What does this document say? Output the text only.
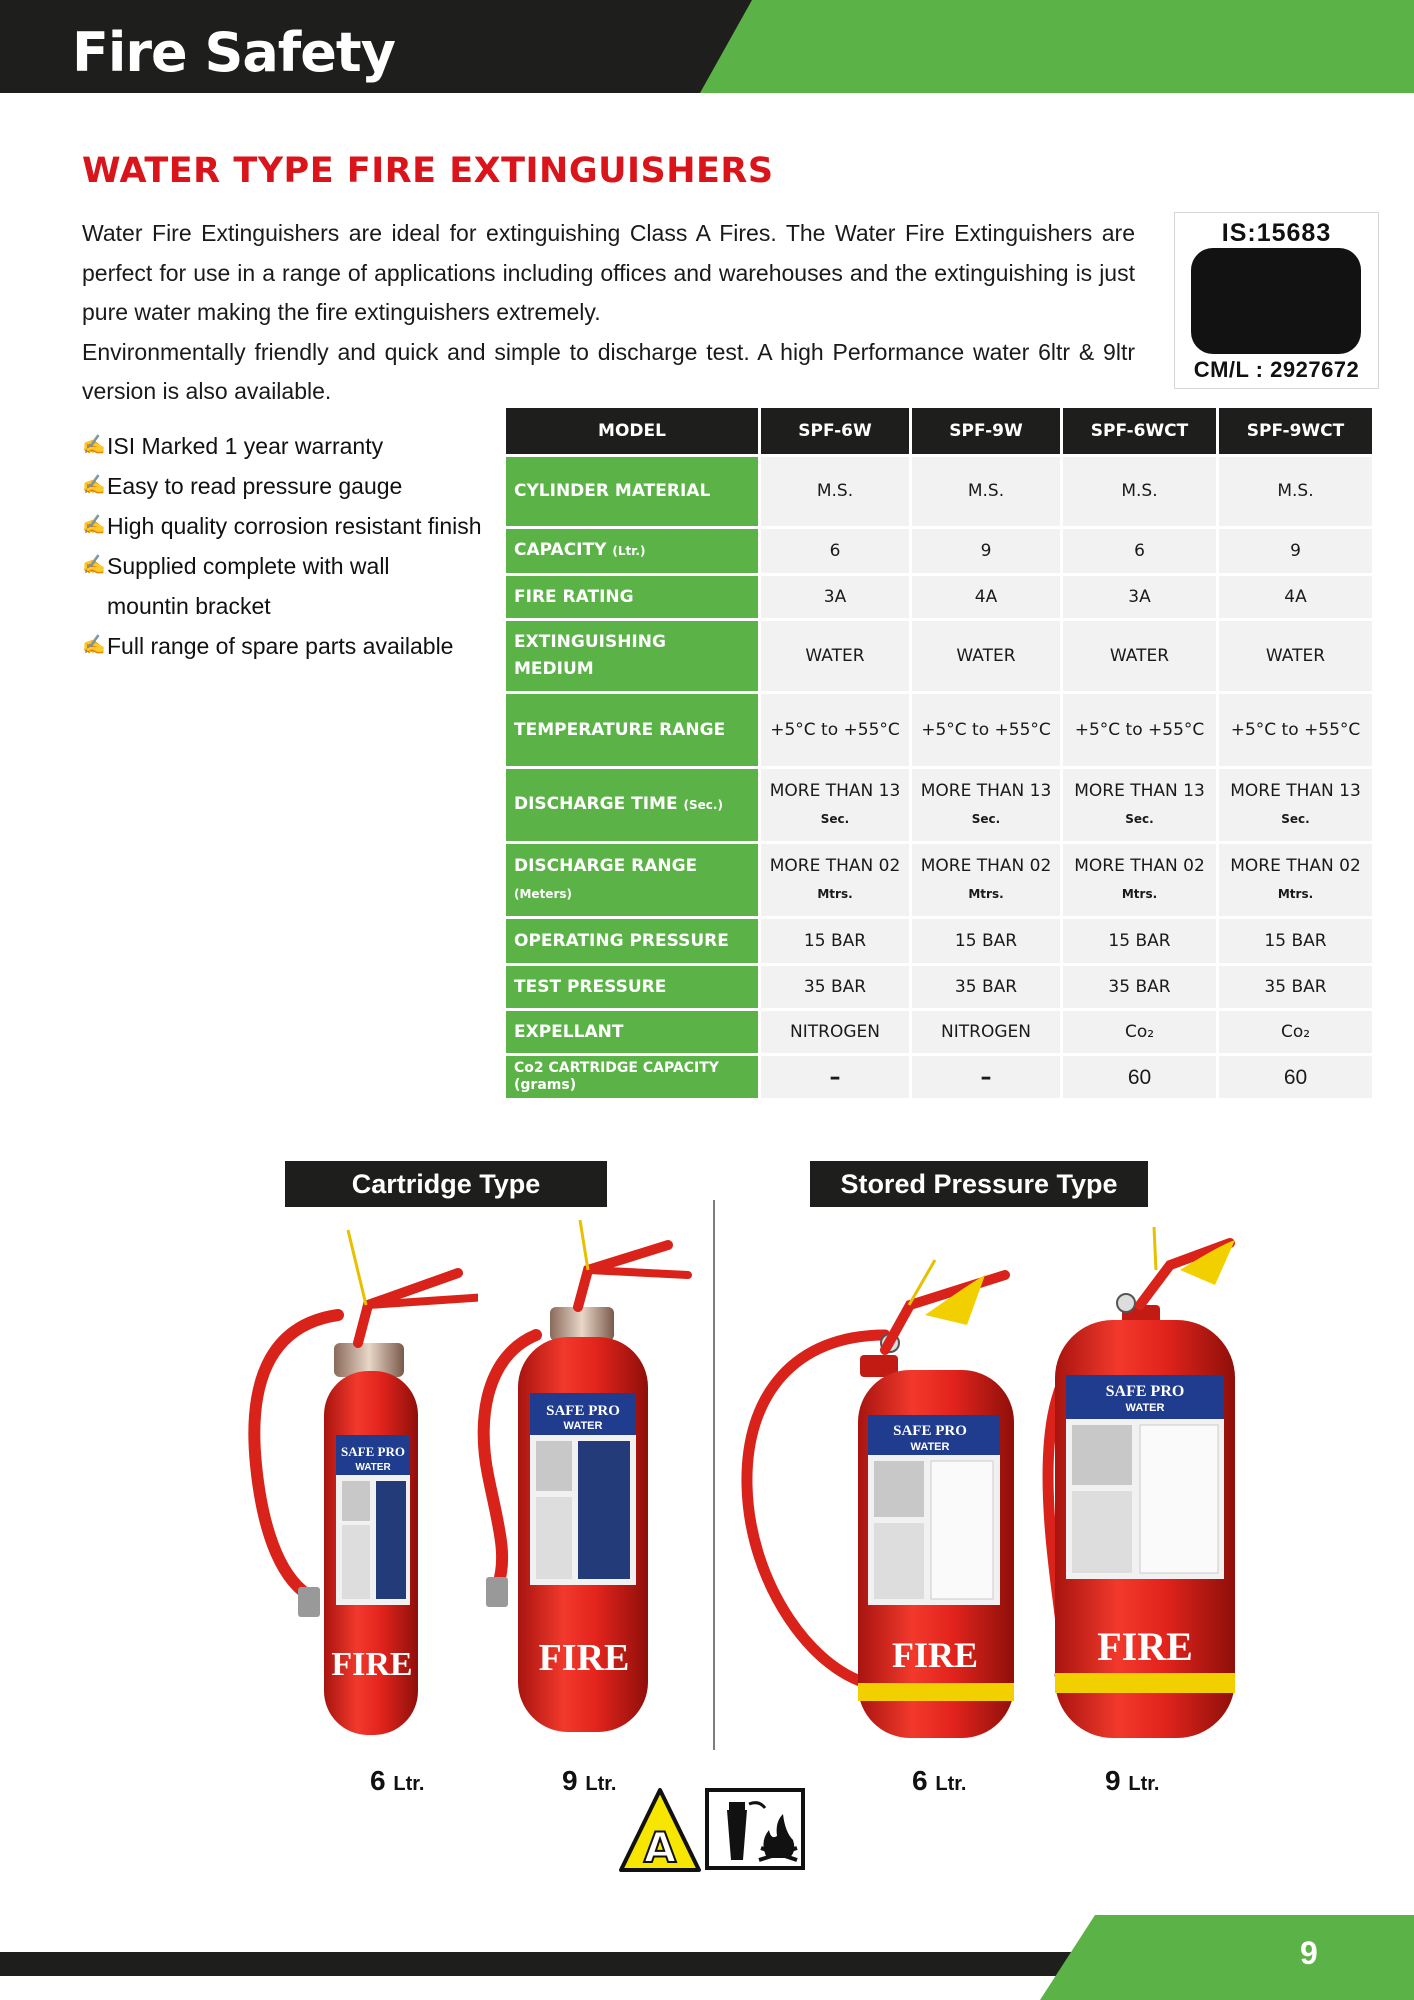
Fire Safety
WATER TYPE FIRE EXTINGUISHERS

Water Fire Extinguishers are ideal for extinguishing Class A Fires. The Water Fire Extinguishers are perfect for use in a range of applications including offices and warehouses and the extinguishing is just pure water making the fire extinguishers extremely.

Environmentally friendly and quick and simple to discharge test. A high Performance water 6ltr & 9ltr version is also available.

IS:15683
CM/L : 2927672
✍ ISI Marked 1 year warranty
✍ Easy to read pressure gauge
✍ High quality corrosion resistant finish
✍ Supplied complete with wall mountin bracket
✍ Full range of spare parts available
MODEL	SPF-6W	SPF-9W	SPF-6WCT	SPF-9WCT
CYLINDER MATERIAL	M.S.	M.S.	M.S.	M.S.
CAPACITY (Ltr.)	6	9	6	9
FIRE RATING	3A	4A	3A	4A
EXTINGUISHING MEDIUM	WATER	WATER	WATER	WATER
TEMPERATURE RANGE	+5°C to +55°C	+5°C to +55°C	+5°C to +55°C	+5°C to +55°C
DISCHARGE TIME (Sec.)	MORE THAN 13 Sec.	MORE THAN 13 Sec.	MORE THAN 13 Sec.	MORE THAN 13 Sec.
DISCHARGE RANGE (Meters)	MORE THAN 02 Mtrs.	MORE THAN 02 Mtrs.	MORE THAN 02 Mtrs.	MORE THAN 02 Mtrs.
OPERATING PRESSURE	15 BAR	15 BAR	15 BAR	15 BAR
TEST PRESSURE	35 BAR	35 BAR	35 BAR	35 BAR
EXPELLANT	NITROGEN	NITROGEN	Co₂	Co₂
Co2 CARTRIDGE CAPACITY (grams)	–	–	60	60
Cartridge Type	Stored Pressure Type
SAFE PRO
WATER
FIRE
SAFE PRO
WATER
FIRE
SAFE PRO
WATER
FIRE
SAFE PRO
WATER
FIRE
6 Ltr.	9 Ltr.	6 Ltr.	9 Ltr.
A
9
